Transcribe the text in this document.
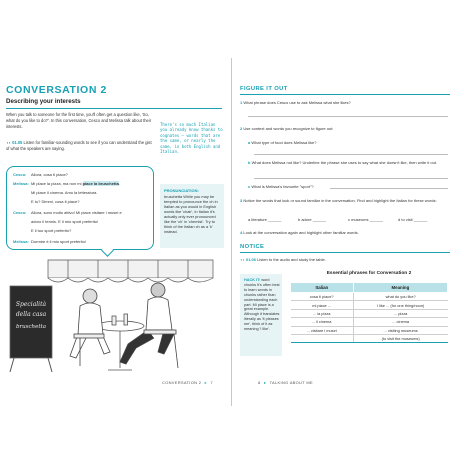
CONVERSATION 2
Describing your interests
When you talk to someone for the first time, you'll often get a question like, 'So, what do you like to do?'. In this conversation, Cesco and Melissa talk about their interests.
◖◗ 01.05 Listen for familiar-sounding words to see if you can understand the gist of what the speakers are saying.
Cesco: Allora, cosa ti piace?
Melissa: Mi piace la pizza, ma non mi piace la bruschetta.
Mi piace il cinema. Amo la letteratura.
E tu? Dimmi, cosa ti piace?
Cesco: Allora, sono molto attivo! Mi piace visitare i musei e
adoro il tennis. E il mio sport preferito!
E il tuo sport preferito?
Melissa: Dormire è il mio sport preferito!
There's so much Italian you already know thanks to cognates – words that are the same, or nearly the same, in both English and Italian.
PRONUNCIATION:
bruschetta While you may be tempted to pronounce the ch in Italian as you would in English words like 'chair', in Italian it's actually only ever pronounced like the 'ch' in 'chemist'. Try to think of the Italian ch as a 'k' instead.
Specialità
della casa
bruschetta
CONVERSATION 2 ▸ 7
FIGURE IT OUT
1 What phrase does Cesco use to ask Melissa what she likes?
2 Use context and words you recognize to figure out:
a What type of food does Melissa like?
b What does Melissa not like? Underline the phrase she uses to say what she doesn't like, then write it out.
c What is Melissa's favourite "sport"?
3 Notice the words that look or sound familiar in the conversation. Find and highlight the Italian for these words:
a literature ______	b adore ______	c museums ______	d to visit ______
4 Look at the conversation again and highlight other familiar words.
NOTICE
◖◗ 01.06 Listen to the audio and study the table.
HACK IT: word chunks It's often best to learn words in chunks rather than understanding each part. Mi piace is a great example. Although it translates literally as 'it pleases me', think of it as meaning 'I like'.
Essential phrases for Conversation 2
Italian	Meaning
cosa ti piace?	what do you like?
mi piace ...	I like ... (for one thing/noun)
... la pizza	... pizza
... il cinema	... cinema
... visitare i musei	... visiting museums
	(to visit the museums)
8 ▸ TALKING ABOUT ME
